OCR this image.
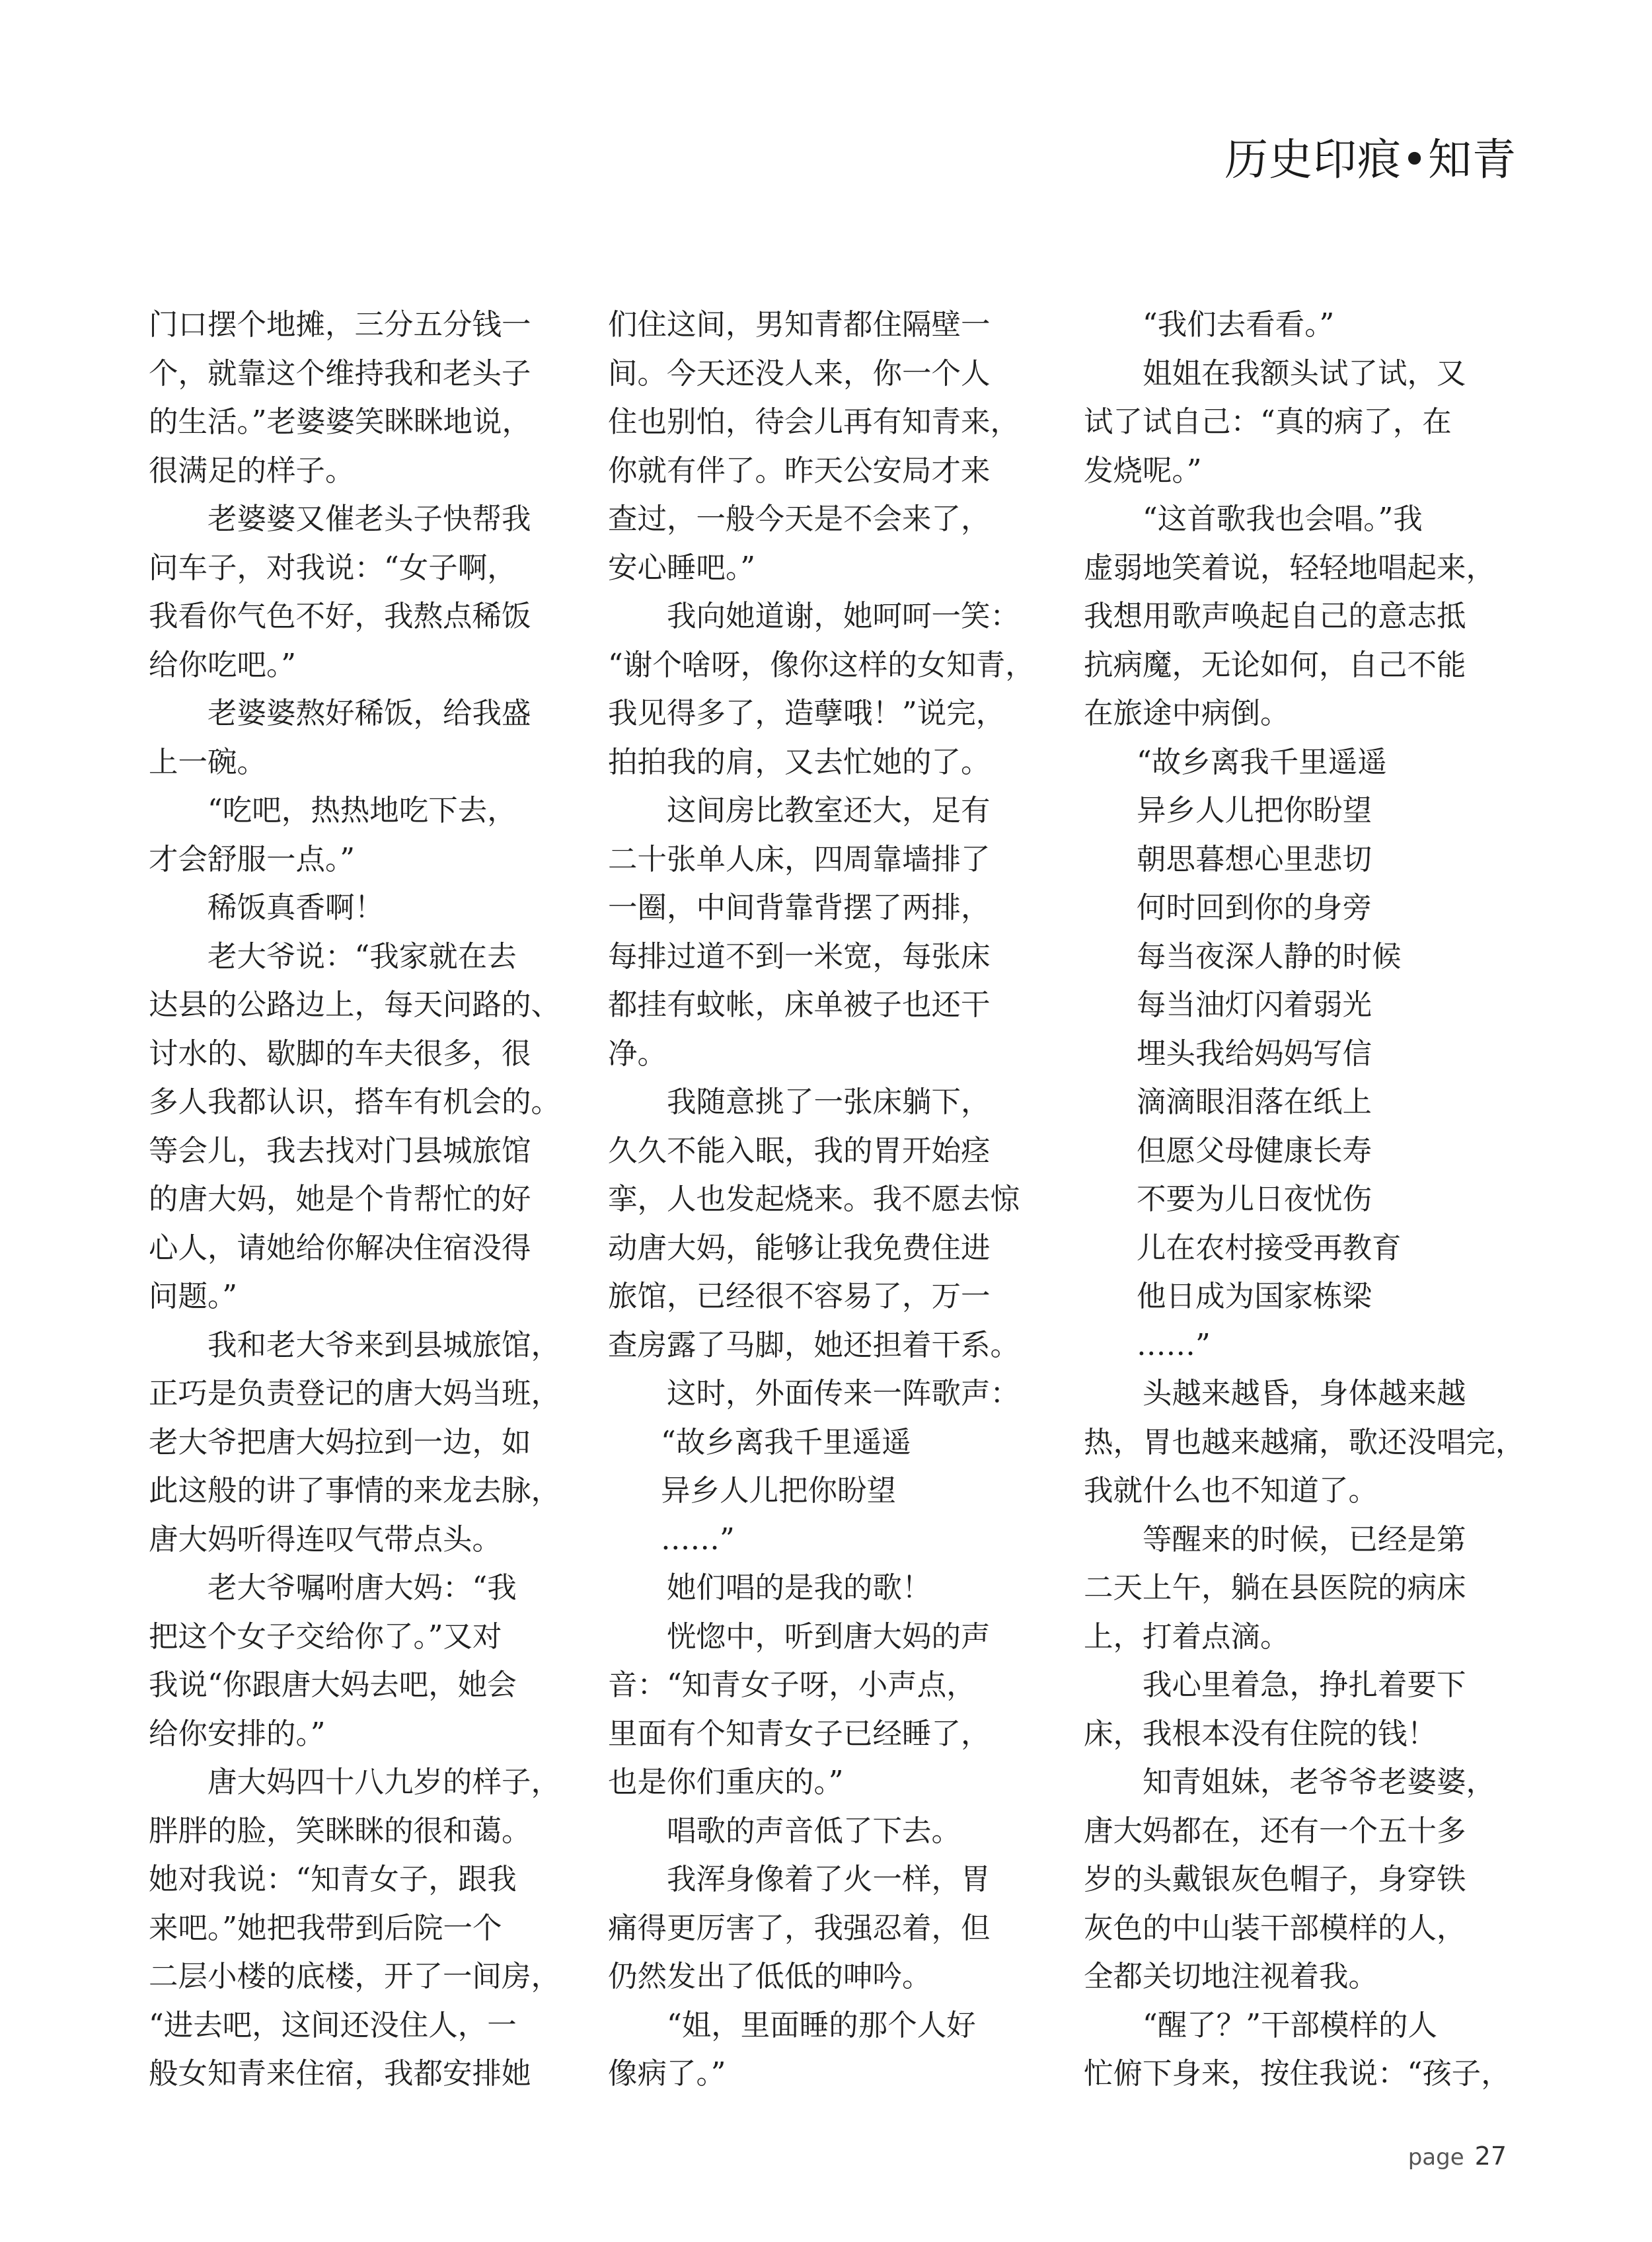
历史印痕•知青

门口摆个地摊，三分五分钱一

个，就靠这个维持我和老头子

的生活。”老婆婆笑眯眯地说，

很满足的样子。

　　老婆婆又催老头子快帮我

问车子，对我说：“女子啊，

我看你气色不好，我熬点稀饭

给你吃吧。”

　　老婆婆熬好稀饭，给我盛

上一碗。

　　“吃吧，热热地吃下去，

才会舒服一点。”

　　稀饭真香啊！

　　老大爷说：“我家就在去

达县的公路边上，每天问路的、

讨水的、歇脚的车夫很多，很

多人我都认识，搭车有机会的。

等会儿，我去找对门县城旅馆

的唐大妈，她是个肯帮忙的好

心人，请她给你解决住宿没得

问题。”

　　我和老大爷来到县城旅馆，

正巧是负责登记的唐大妈当班，

老大爷把唐大妈拉到一边，如

此这般的讲了事情的来龙去脉，

唐大妈听得连叹气带点头。

　　老大爷嘱咐唐大妈：“我

把这个女子交给你了。”又对

我说“你跟唐大妈去吧，她会

给你安排的。”

　　唐大妈四十八九岁的样子，

胖胖的脸，笑眯眯的很和蔼。

她对我说：“知青女子，跟我

来吧。”她把我带到后院一个

二层小楼的底楼，开了一间房，

“进去吧，这间还没住人，一

般女知青来住宿，我都安排她

们住这间，男知青都住隔壁一

间。今天还没人来，你一个人

住也别怕，待会儿再有知青来，

你就有伴了。昨天公安局才来

查过，一般今天是不会来了，

安心睡吧。”

　　我向她道谢，她呵呵一笑：

“谢个啥呀，像你这样的女知青，

我见得多了，造孽哦！”说完，

拍拍我的肩，又去忙她的了。

　　这间房比教室还大，足有

二十张单人床，四周靠墙排了

一圈，中间背靠背摆了两排，

每排过道不到一米宽，每张床

都挂有蚊帐，床单被子也还干

净。

　　我随意挑了一张床躺下，

久久不能入眠，我的胃开始痉

挛，人也发起烧来。我不愿去惊

动唐大妈，能够让我免费住进

旅馆，已经很不容易了，万一

查房露了马脚，她还担着干系。

　　这时，外面传来一阵歌声：

“故乡离我千里遥遥

异乡人儿把你盼望

……”

　　她们唱的是我的歌！

　　恍惚中，听到唐大妈的声

音：“知青女子呀，小声点，

里面有个知青女子已经睡了，

也是你们重庆的。”

　　唱歌的声音低了下去。

　　我浑身像着了火一样，胃

痛得更厉害了，我强忍着，但

仍然发出了低低的呻吟。

　　“姐，里面睡的那个人好

像病了。”

　　“我们去看看。”

　　姐姐在我额头试了试，又

试了试自己：“真的病了，在

发烧呢。”

　　“这首歌我也会唱。”我

虚弱地笑着说，轻轻地唱起来，

我想用歌声唤起自己的意志抵

抗病魔，无论如何，自己不能

在旅途中病倒。

“故乡离我千里遥遥

异乡人儿把你盼望

朝思暮想心里悲切

何时回到你的身旁

每当夜深人静的时候

每当油灯闪着弱光

埋头我给妈妈写信

滴滴眼泪落在纸上

但愿父母健康长寿

不要为儿日夜忧伤

儿在农村接受再教育

他日成为国家栋梁

……”

　　头越来越昏，身体越来越

热，胃也越来越痛，歌还没唱完，

我就什么也不知道了。

　　等醒来的时候，已经是第

二天上午，躺在县医院的病床

上，打着点滴。

　　我心里着急，挣扎着要下

床，我根本没有住院的钱！

　　知青姐妹，老爷爷老婆婆，

唐大妈都在，还有一个五十多

岁的头戴银灰色帽子，身穿铁

灰色的中山装干部模样的人，

全都关切地注视着我。

　　“醒了？”干部模样的人

忙俯下身来，按住我说：“孩子，

page 27
